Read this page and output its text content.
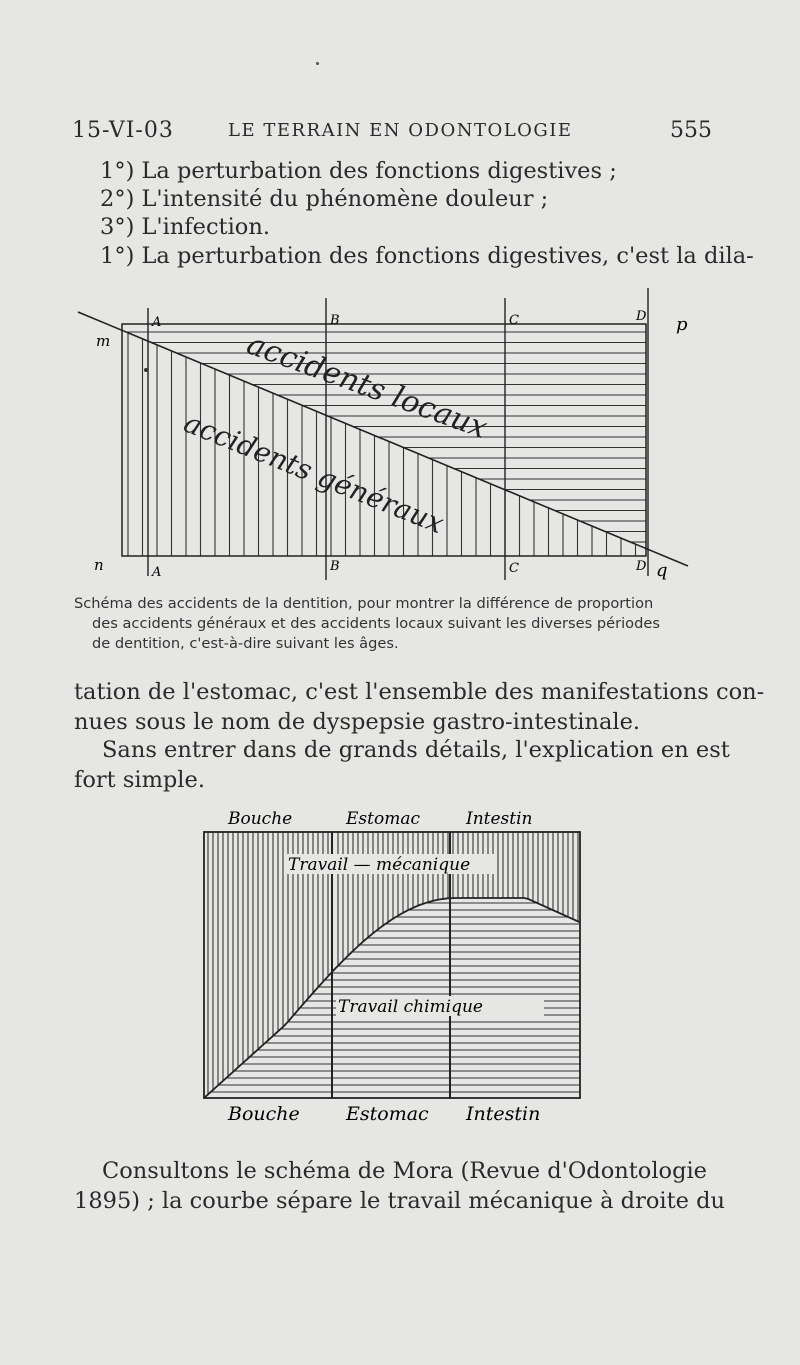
15-VI-03	LE TERRAIN EN ODONTOLOGIE	555
1°) La perturbation des fonctions digestives ;
2°) L'intensité du phénomène douleur ;
3°) L'infection.
1°) La perturbation des fonctions digestives, c'est la dila-
A	B	C	D
A	B	C	D
m
n
p
q
accidents locaux
accidents généraux
Schéma des accidents de la dentition, pour montrer la différence de proportion
des accidents généraux et des accidents locaux suivant les diverses périodes
de dentition, c'est-à-dire suivant les âges.
tation de l'estomac, c'est l'ensemble des manifestations con-
nues sous le nom de dyspepsie gastro-intestinale.
Sans entrer dans de grands détails, l'explication en est
fort simple.
Bouche	Estomac	Intestin
Bouche Estomac Intestin
Travail — mécanique
Travail chimique
Consultons le schéma de Mora (Revue d'Odontologie
1895) ; la courbe sépare le travail mécanique à droite du
